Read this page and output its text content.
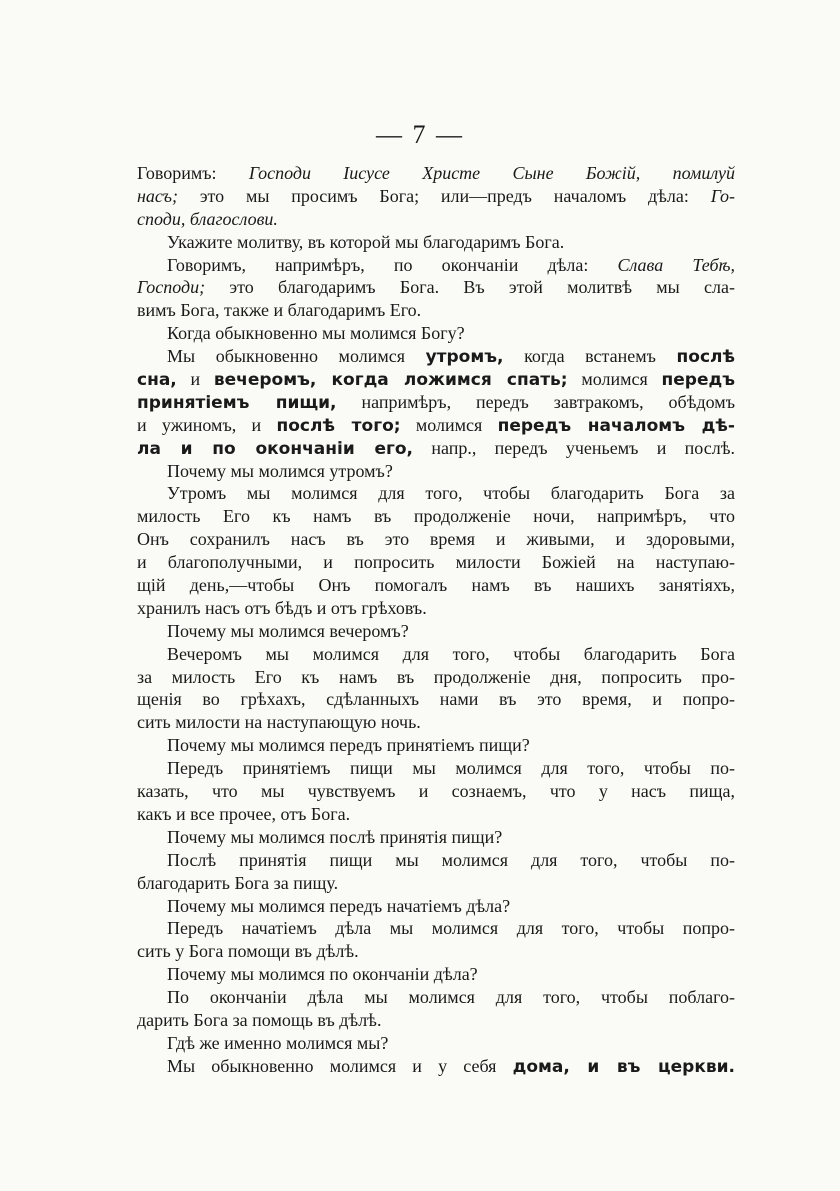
— 7 —
Говоримъ: Господи Іисусе Христе Сыне Божій, помилуй
насъ; это мы просимъ Бога; или—предъ началомъ дѣла: Го-
споди, благослови.
Укажите молитву, въ которой мы благодаримъ Бога.
Говоримъ, напримѣръ, по окончаніи дѣла: Слава Тебѣ,
Господи; это благодаримъ Бога. Въ этой молитвѣ мы сла-
вимъ Бога, также и благодаримъ Его.
Когда обыкновенно мы молимся Богу?
Мы обыкновенно молимся утромъ, когда встанемъ послѣ
сна, и вечеромъ, когда ложимся спать; молимся передъ
принятіемъ пищи, напримѣръ, передъ завтракомъ, обѣдомъ
и ужиномъ, и послѣ того; молимся передъ началомъ дѣ-
ла и по окончаніи его, напр., передъ ученьемъ и послѣ.
Почему мы молимся утромъ?
Утромъ мы молимся для того, чтобы благодарить Бога за
милость Его къ намъ въ продолженіе ночи, напримѣръ, что
Онъ сохранилъ насъ въ это время и живыми, и здоровыми,
и благополучными, и попросить милости Божіей на наступаю-
щій день,—чтобы Онъ помогалъ намъ въ нашихъ занятіяхъ,
хранилъ насъ отъ бѣдъ и отъ грѣховъ.
Почему мы молимся вечеромъ?
Вечеромъ мы молимся для того, чтобы благодарить Бога
за милость Его къ намъ въ продолженіе дня, попросить про-
щенія во грѣхахъ, сдѣланныхъ нами въ это время, и попро-
сить милости на наступающую ночь.
Почему мы молимся передъ принятіемъ пищи?
Передъ принятіемъ пищи мы молимся для того, чтобы по-
казать, что мы чувствуемъ и сознаемъ, что у насъ пища,
какъ и все прочее, отъ Бога.
Почему мы молимся послѣ принятія пищи?
Послѣ принятія пищи мы молимся для того, чтобы по-
благодарить Бога за пищу.
Почему мы молимся передъ начатіемъ дѣла?
Передъ начатіемъ дѣла мы молимся для того, чтобы попро-
сить у Бога помощи въ дѣлѣ.
Почему мы молимся по окончаніи дѣла?
По окончаніи дѣла мы молимся для того, чтобы поблаго-
дарить Бога за помощь въ дѣлѣ.
Гдѣ же именно молимся мы?
Мы обыкновенно молимся и у себя дома, и въ церкви.
